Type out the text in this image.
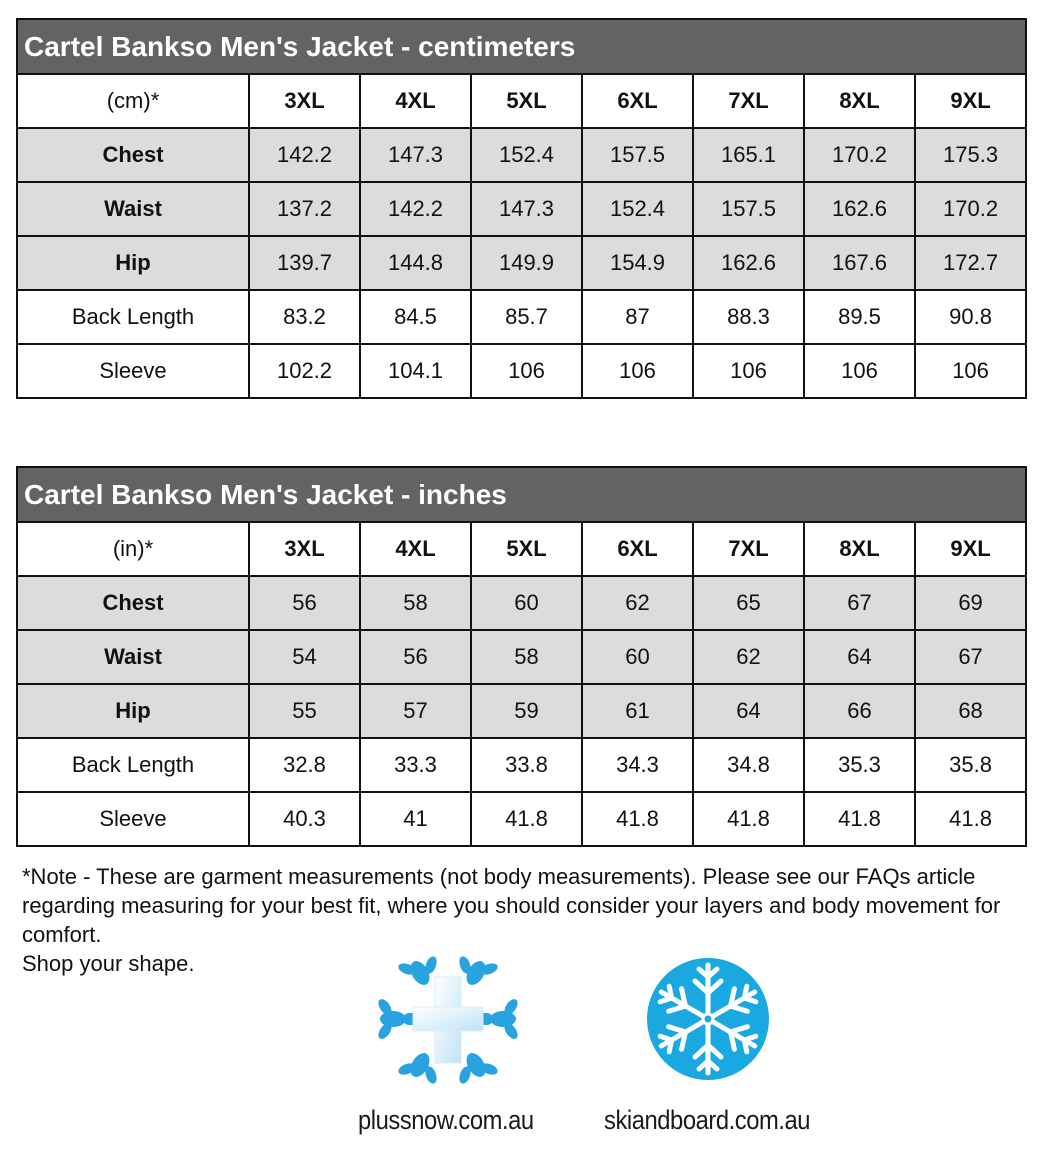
Cartel Bankso Men's Jacket - centimeters							
(cm)*	3XL	4XL	5XL	6XL	7XL	8XL	9XL
Chest	142.2	147.3	152.4	157.5	165.1	170.2	175.3
Waist	137.2	142.2	147.3	152.4	157.5	162.6	170.2
Hip	139.7	144.8	149.9	154.9	162.6	167.6	172.7
Back Length	83.2	84.5	85.7	87	88.3	89.5	90.8
Sleeve	102.2	104.1	106	106	106	106	106
Cartel Bankso Men's Jacket - inches							
(in)*	3XL	4XL	5XL	6XL	7XL	8XL	9XL
Chest	56	58	60	62	65	67	69
Waist	54	56	58	60	62	64	67
Hip	55	57	59	61	64	66	68
Back Length	32.8	33.3	33.8	34.3	34.8	35.3	35.8
Sleeve	40.3	41	41.8	41.8	41.8	41.8	41.8

*Note - These are garment measurements (not body measurements). Please see our FAQs article regarding measuring for your best fit, where you should consider your layers and body movement for comfort.

Shop your shape.

plussnow.com.au	skiandboard.com.au
